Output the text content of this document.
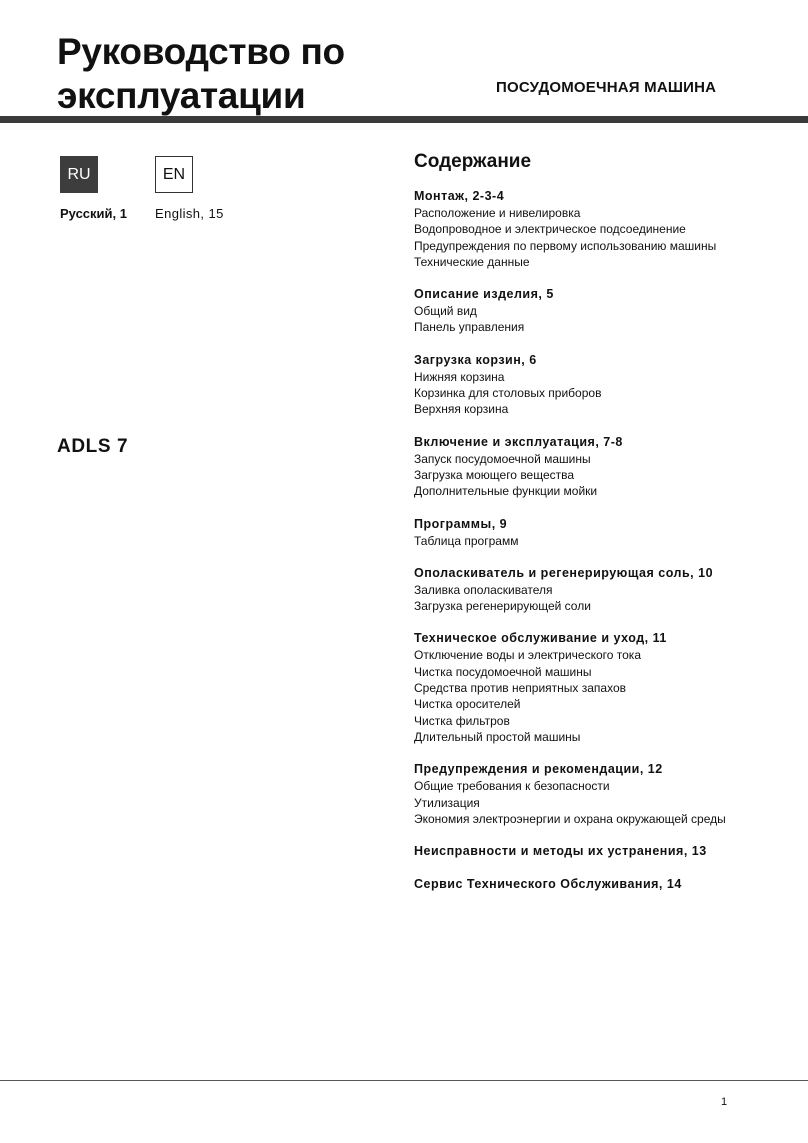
Руководство по
эксплуатации	ПОСУДОМОЕЧНАЯ МАШИНА
RU	EN
Русский, 1 English, 15
ADLS 7
Содержание
Монтаж, 2-3-4
Расположение и нивелировка
Водопроводное и электрическое подсоединение
Предупреждения по первому использованию машины
Технические данные
Описание изделия, 5
Общий вид
Панель управления
Загрузка корзин, 6
Нижняя корзина
Корзинка для столовых приборов
Верхняя корзина
Включение и эксплуатация, 7-8
Запуск посудомоечной машины
Загрузка моющего вещества
Дополнительные функции мойки
Программы, 9
Таблица программ
Ополаскиватель и регенерирующая соль, 10
Заливка ополаскивателя
Загрузка регенерирующей соли
Техническое обслуживание и уход, 11
Отключение воды и электрического тока
Чистка посудомоечной машины
Средства против неприятных запахов
Чистка оросителей
Чистка фильтров
Длительный простой машины
Предупреждения и рекомендации, 12
Общие требования к безопасности
Утилизация
Экономия электроэнергии и охрана окружающей среды
Неисправности и методы их устранения, 13
Сервис Технического Обслуживания, 14
1
